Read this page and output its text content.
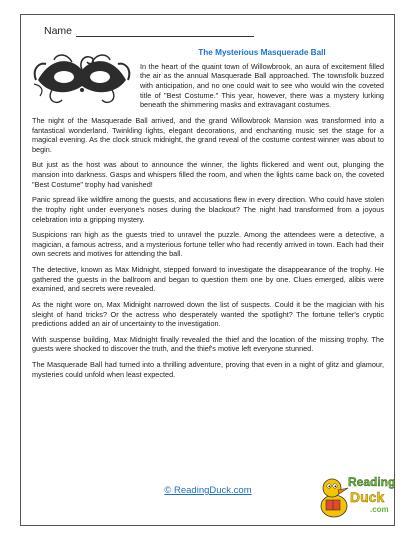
Name
The Mysterious Masquerade Ball

In the heart of the quaint town of Willowbrook, an aura of excitement filled the air as the annual Masquerade Ball approached. The townsfolk buzzed with anticipation, and no one could wait to see who would win the coveted title of "Best Costume." This year, however, there was a mystery lurking beneath the shimmering masks and extravagant costumes.

The night of the Masquerade Ball arrived, and the grand Willowbrook Mansion was transformed into a fantastical wonderland. Twinkling lights, elegant decorations, and enchanting music set the stage for a magical evening. As the clock struck midnight, the grand reveal of the costume contest winner was about to begin.

But just as the host was about to announce the winner, the lights flickered and went out, plunging the mansion into darkness. Gasps and whispers filled the room, and when the lights came back on, the coveted "Best Costume" trophy had vanished!

Panic spread like wildfire among the guests, and accusations flew in every direction. Who could have stolen the trophy right under everyone's noses during the blackout? The night had transformed from a joyous celebration into a gripping mystery.

Suspicions ran high as the guests tried to unravel the puzzle. Among the attendees were a detective, a magician, a famous actress, and a mysterious fortune teller who had recently arrived in town. Each had their own secrets and motives for attending the ball.

The detective, known as Max Midnight, stepped forward to investigate the disappearance of the trophy. He gathered the guests in the ballroom and began to question them one by one. Clues emerged, alibis were examined, and secrets were revealed.

As the night wore on, Max Midnight narrowed down the list of suspects. Could it be the magician with his sleight of hand tricks? Or the actress who desperately wanted the spotlight? The fortune teller's cryptic predictions added an air of uncertainty to the investigation.

With suspense building, Max Midnight finally revealed the thief and the location of the missing trophy. The guests were shocked to discover the truth, and the thief's motive left everyone stunned.

The Masquerade Ball had turned into a thrilling adventure, proving that even in a night of glitz and glamour, mysteries could unfold when least expected.

© ReadingDuck.com
Reading
Duck
.com
